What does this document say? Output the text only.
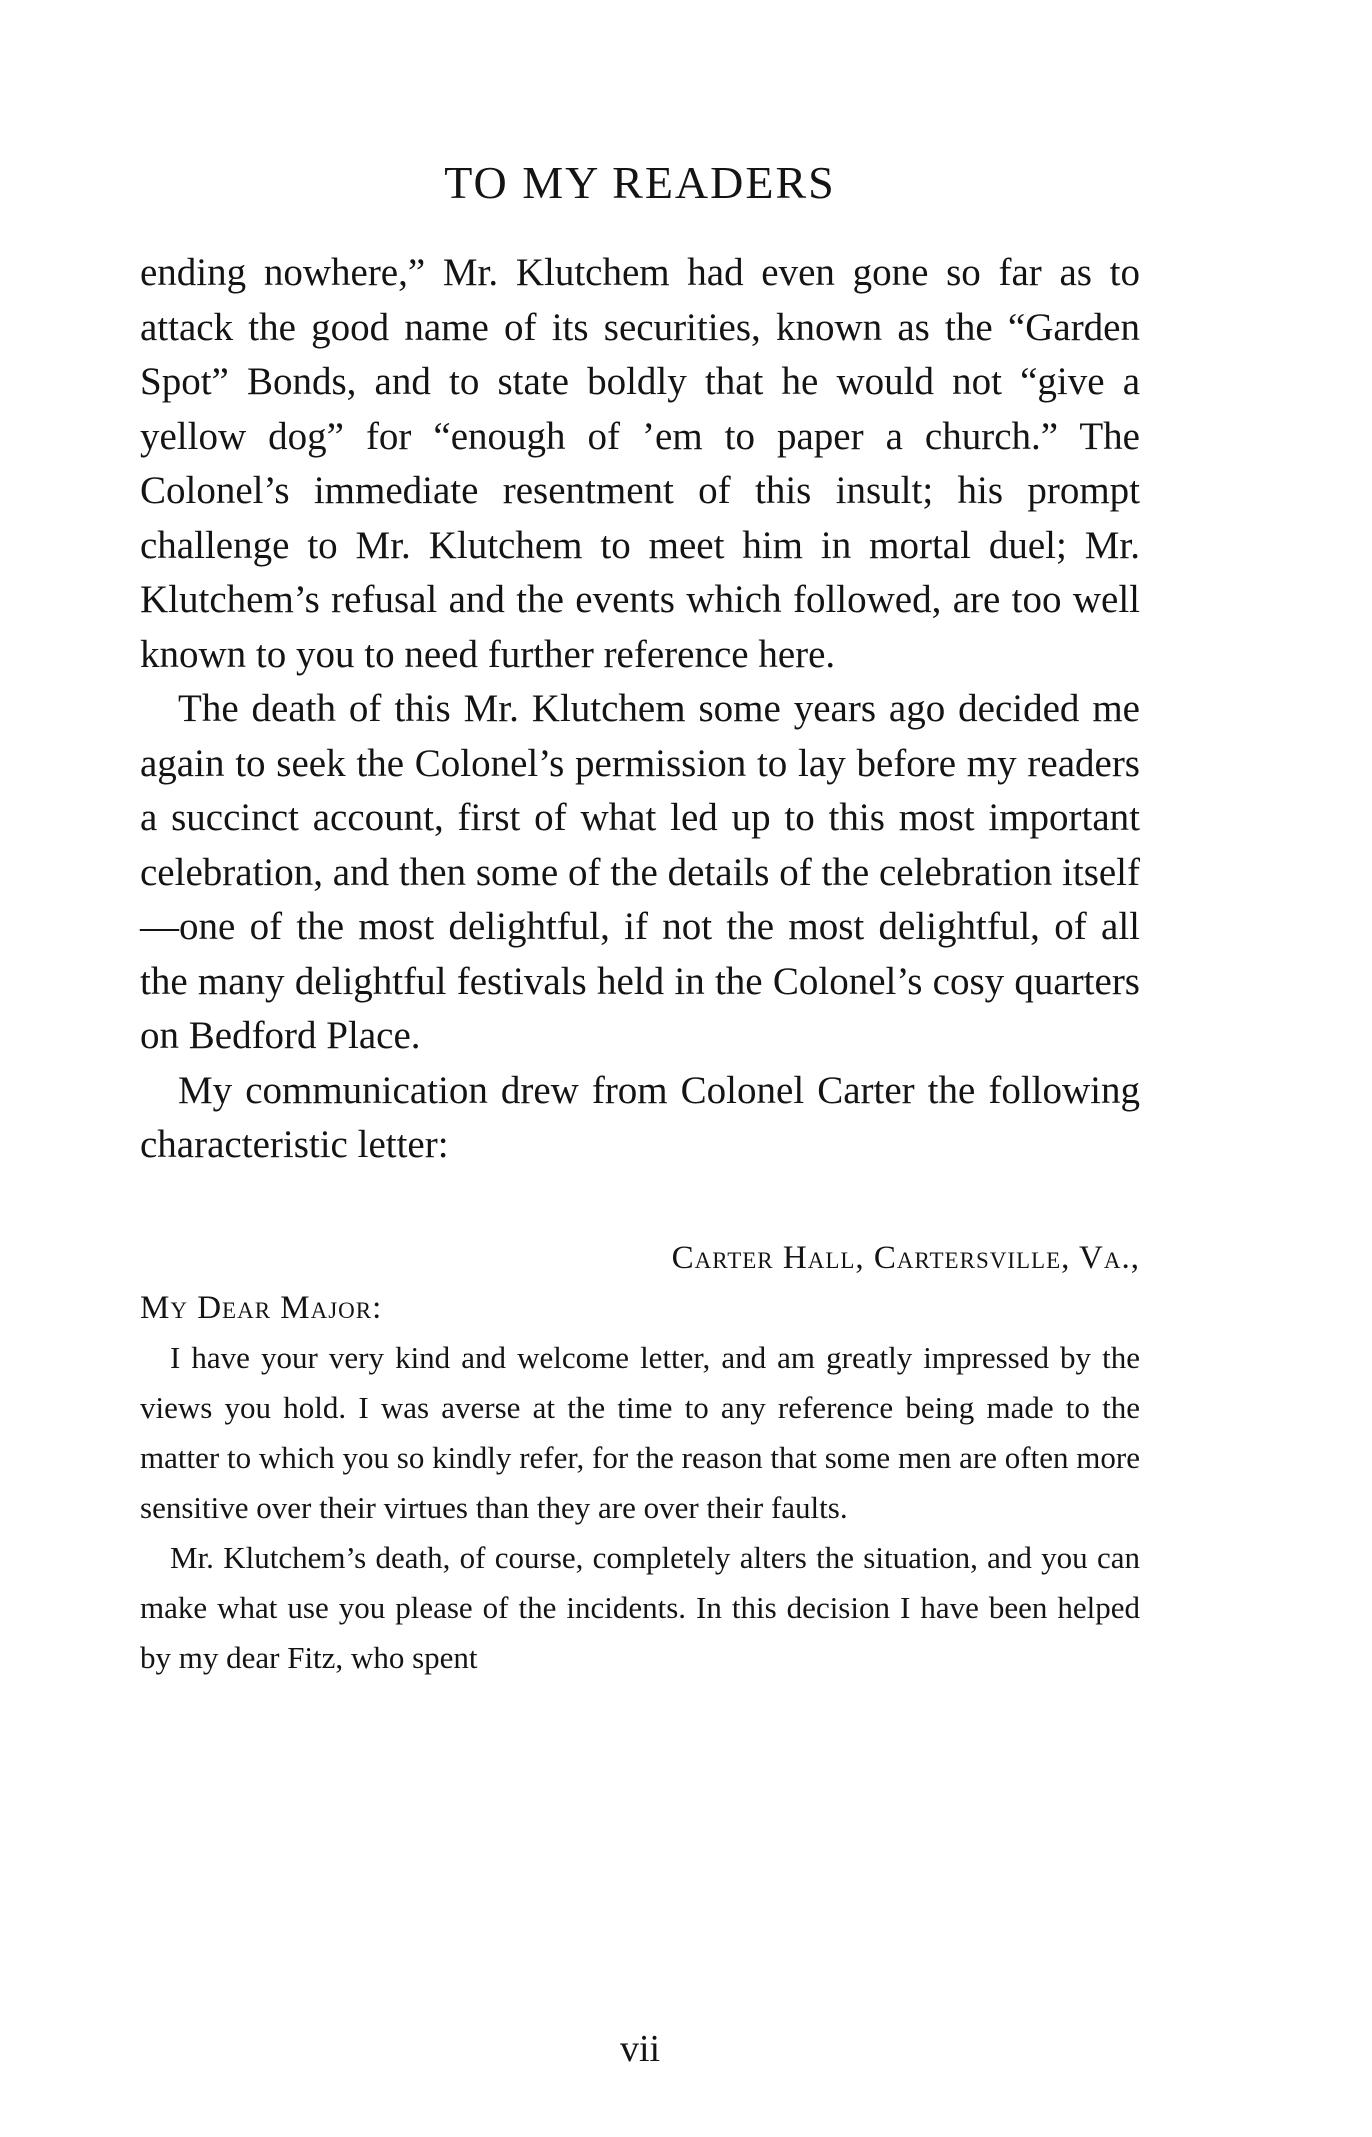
TO MY READERS

ending nowhere,” Mr. Klutchem had even gone so far as to attack the good name of its securities, known as the “Garden Spot” Bonds, and to state boldly that he would not “give a yellow dog” for “enough of ’em to paper a church.” The Colonel’s immediate resentment of this insult; his prompt challenge to Mr. Klutchem to meet him in mortal duel; Mr. Klutchem’s refusal and the events which followed, are too well known to you to need further reference here.

The death of this Mr. Klutchem some years ago decided me again to seek the Colonel’s permission to lay before my readers a succinct account, first of what led up to this most important celebration, and then some of the details of the celebration itself—one of the most delightful, if not the most delightful, of all the many delightful festivals held in the Colonel’s cosy quarters on Bedford Place.

My communication drew from Colonel Carter the following characteristic letter:

Carter Hall, Cartersville, Va.,
My Dear Major:

I have your very kind and welcome letter, and am greatly impressed by the views you hold. I was averse at the time to any reference being made to the matter to which you so kindly refer, for the reason that some men are often more sensitive over their virtues than they are over their faults.

Mr. Klutchem’s death, of course, completely alters the situation, and you can make what use you please of the incidents. In this decision I have been helped by my dear Fitz, who spent

vii
